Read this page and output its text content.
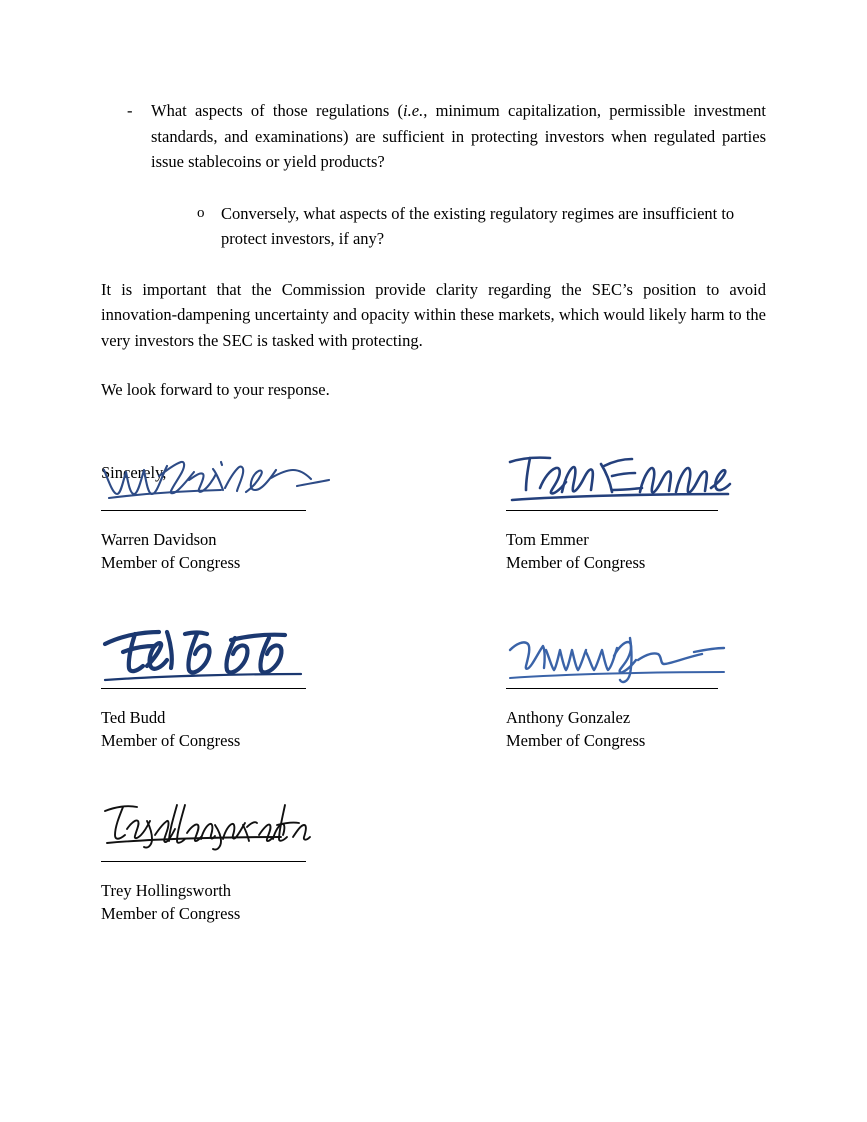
- What aspects of those regulations (i.e., minimum capitalization, permissible investment standards, and examinations) are sufficient in protecting investors when regulated parties issue stablecoins or yield products?
o Conversely, what aspects of the existing regulatory regimes are insufficient to protect investors, if any?
It is important that the Commission provide clarity regarding the SEC’s position to avoid innovation-dampening uncertainty and opacity within these markets, which would likely harm to the very investors the SEC is tasked with protecting.
We look forward to your response.
Sincerely,
Warren Davidson
Member of Congress
Tom Emmer
Member of Congress
Ted Budd
Member of Congress
Anthony Gonzalez
Member of Congress
Trey Hollingsworth
Member of Congress
